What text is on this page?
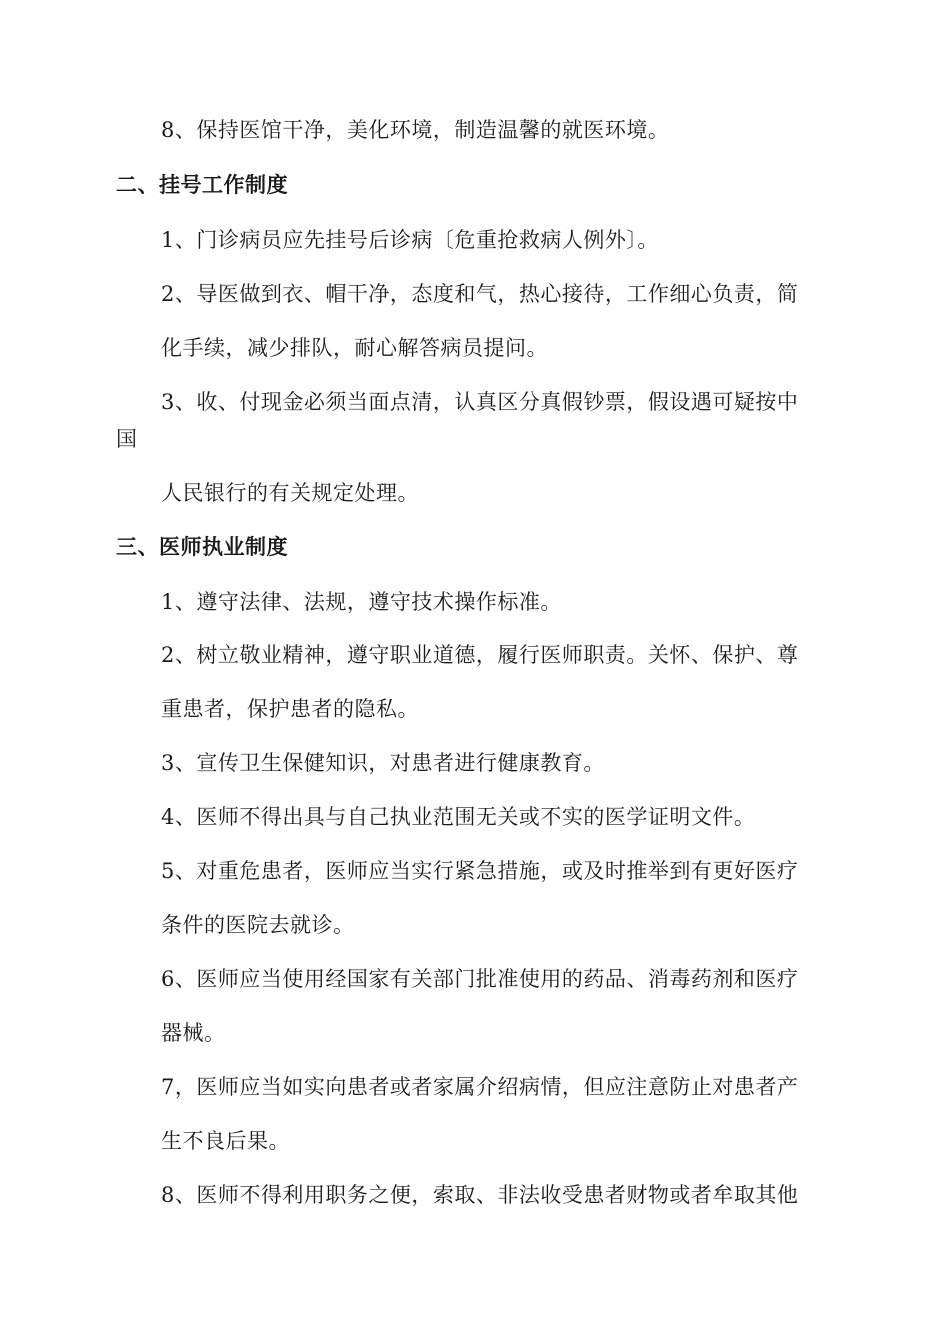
8、保持医馆干净，美化环境，制造温馨的就医环境。
二、挂号工作制度
1、门诊病员应先挂号后诊病〔危重抢救病人例外〕。
2、导医做到衣、帽干净，态度和气，热心接待，工作细心负责，简
化手续，减少排队，耐心解答病员提问。
3、收、付现金必须当面点清，认真区分真假钞票，假设遇可疑按中
国
人民银行的有关规定处理。
三、医师执业制度
1、遵守法律、法规，遵守技术操作标准。
2、树立敬业精神，遵守职业道德，履行医师职责。关怀、保护、尊
重患者，保护患者的隐私。
3、宣传卫生保健知识，对患者进行健康教育。
4、医师不得出具与自己执业范围无关或不实的医学证明文件。
5、对重危患者，医师应当实行紧急措施，或及时推举到有更好医疗
条件的医院去就诊。
6、医师应当使用经国家有关部门批准使用的药品、消毒药剂和医疗
器械。
7，医师应当如实向患者或者家属介绍病情，但应注意防止对患者产
生不良后果。
8、医师不得利用职务之便，索取、非法收受患者财物或者牟取其他
